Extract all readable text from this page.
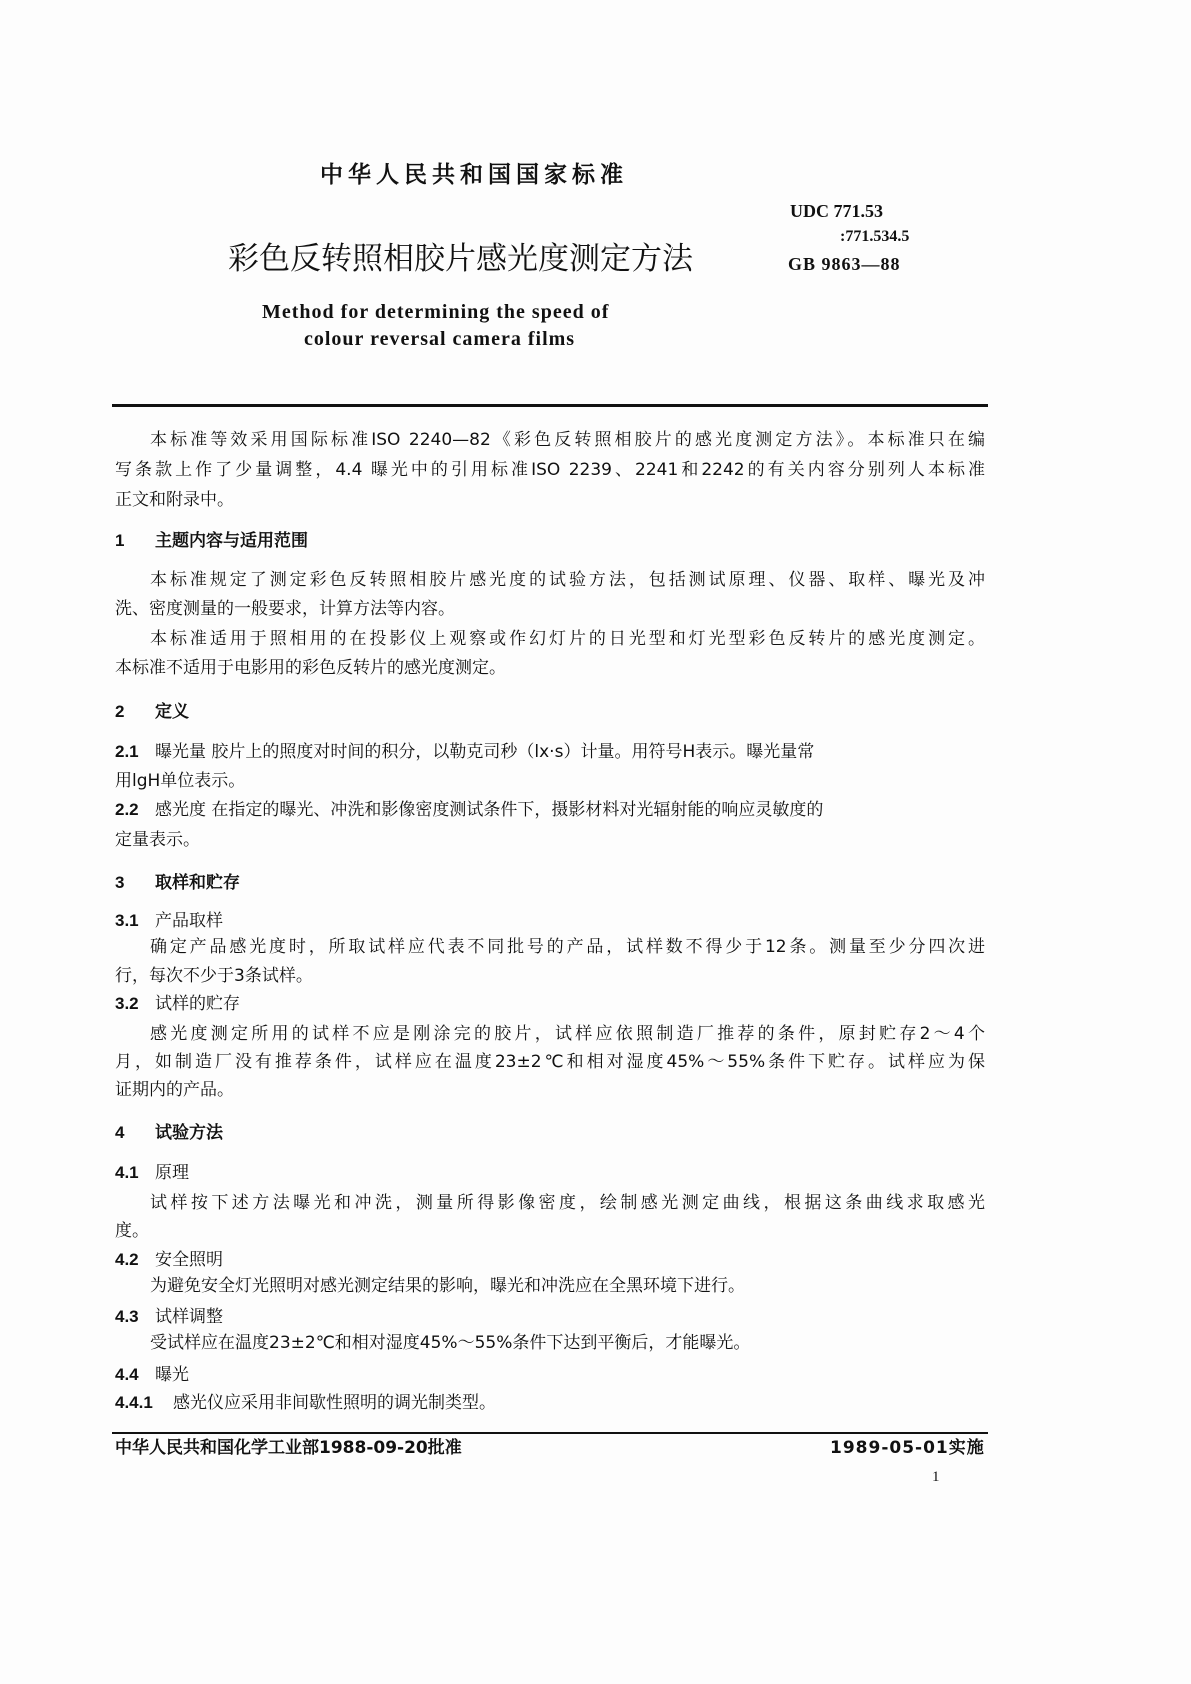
中华人民共和国国家标准
UDC 771.53
:771.534.5
GB 9863—88
彩色反转照相胶片感光度测定方法
Method for determining the speed of
colour reversal camera films
本标准等效采用国际标准ISO 2240—82《彩色反转照相胶片的感光度测定方法》。本标准只在编
写条款上作了少量调整，4.4 曝光中的引用标准ISO 2239、2241和2242的有关内容分别列人本标准
正文和附录中。
1 主题内容与适用范围
本标准规定了测定彩色反转照相胶片感光度的试验方法，包括测试原理、仪器、取样、曝光及冲
洗、密度测量的一般要求，计算方法等内容。
本标准适用于照相用的在投影仪上观察或作幻灯片的日光型和灯光型彩色反转片的感光度测定。
本标准不适用于电影用的彩色反转片的感光度测定。
2 定义
2.1 曝光量 胶片上的照度对时间的积分，以勒克司秒（lx·s）计量。用符号H表示。曝光量常
用lgH单位表示。
2.2 感光度 在指定的曝光、冲洗和影像密度测试条件下，摄影材料对光辐射能的响应灵敏度的
定量表示。
3 取样和贮存
3.1 产品取样
确定产品感光度时，所取试样应代表不同批号的产品，试样数不得少于12条。测量至少分四次进
行，每次不少于3条试样。
3.2 试样的贮存
感光度测定所用的试样不应是刚涂完的胶片，试样应依照制造厂推荐的条件，原封贮存2～4个
月，如制造厂没有推荐条件，试样应在温度23±2℃和相对湿度45%～55%条件下贮存。试样应为保
证期内的产品。
4 试验方法
4.1 原理
试样按下述方法曝光和冲洗，测量所得影像密度，绘制感光测定曲线，根据这条曲线求取感光
度。
4.2 安全照明
为避免安全灯光照明对感光测定结果的影响，曝光和冲洗应在全黑环境下进行。
4.3 试样调整
受试样应在温度23±2℃和相对湿度45%～55%条件下达到平衡后，才能曝光。
4.4 曝光
4.4.1 感光仪应采用非间歇性照明的调光制类型。
中华人民共和国化学工业部1988-09-20批准	1989-05-01实施
1
